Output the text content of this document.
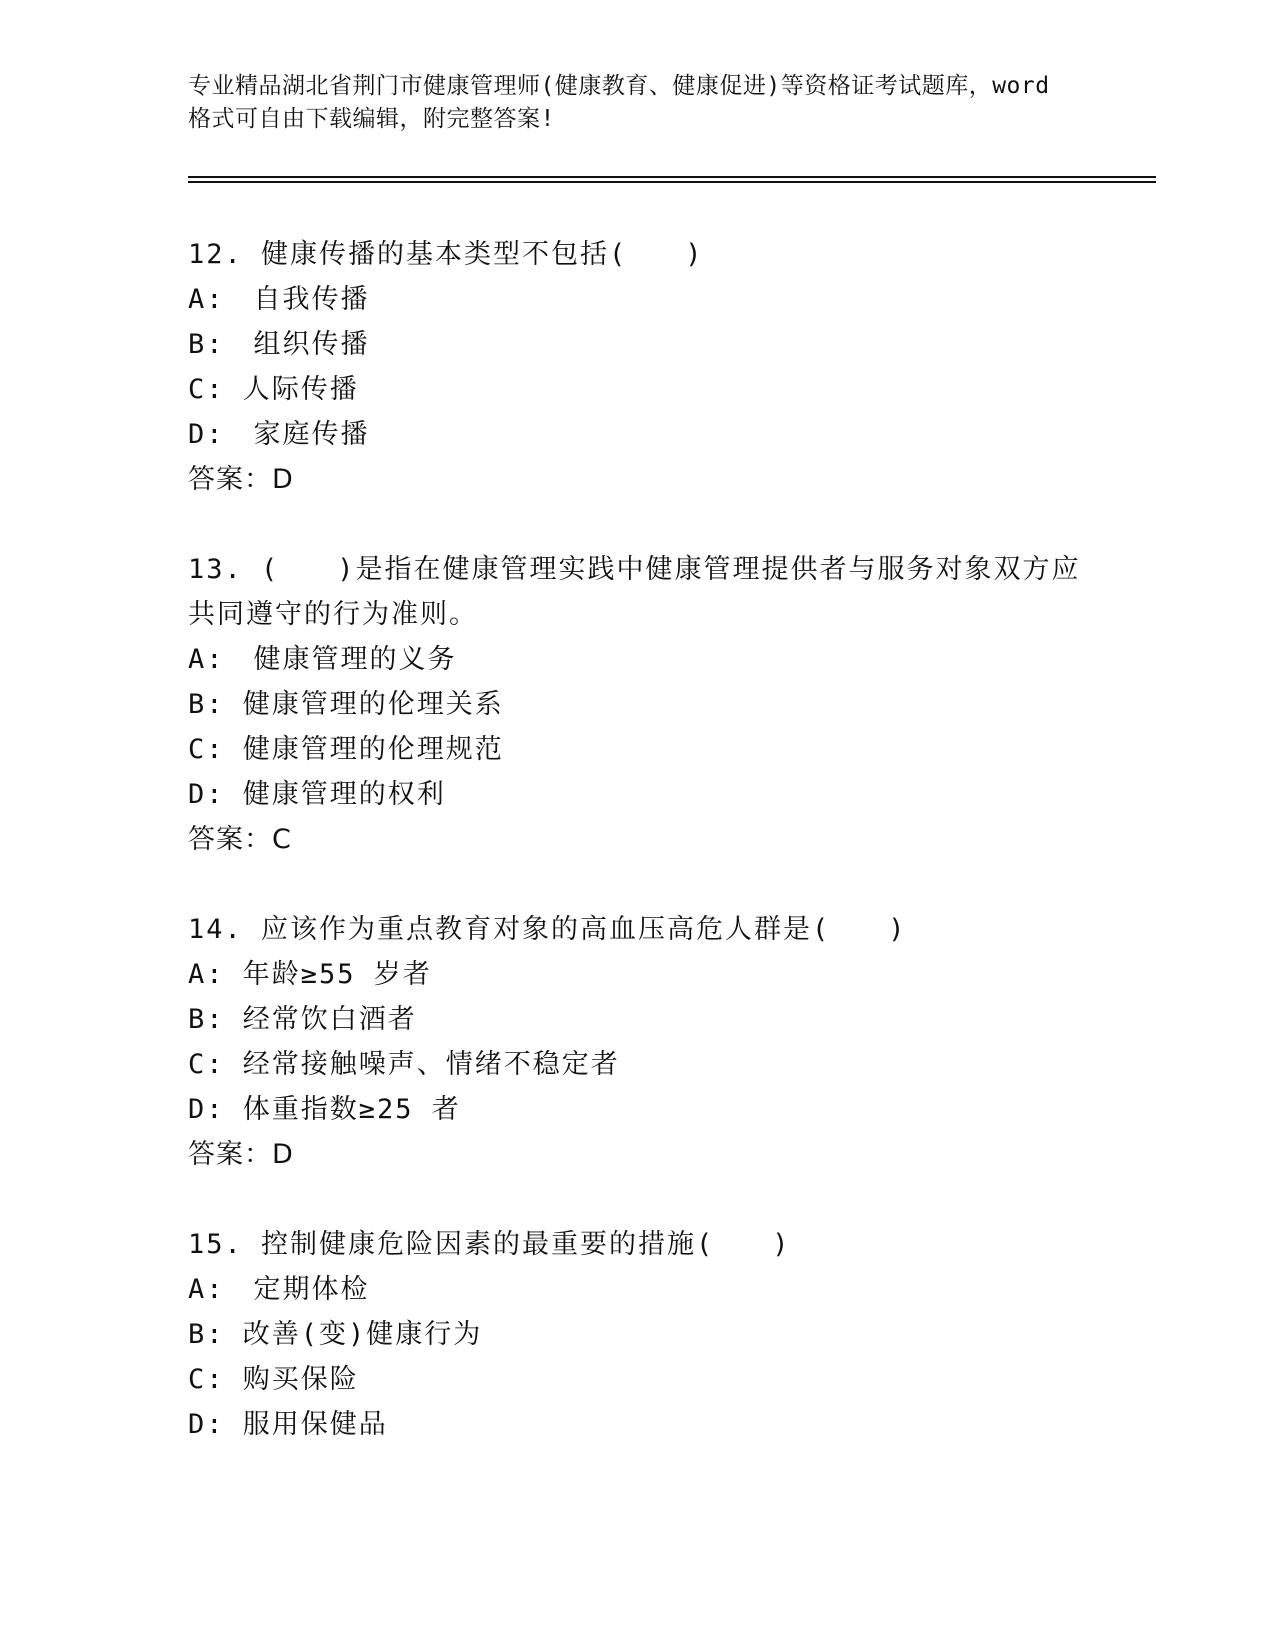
专业精品湖北省荆门市健康管理师(健康教育、健康促进)等资格证考试题库，word
格式可自由下载编辑，附完整答案!
12. 健康传播的基本类型不包括(　　)
A:　自我传播
B:　组织传播
C: 人际传播
D:　家庭传播
答案：D
13. (　　)是指在健康管理实践中健康管理提供者与服务对象双方应
共同遵守的行为准则。
A:　健康管理的义务
B: 健康管理的伦理关系
C: 健康管理的伦理规范
D: 健康管理的权利
答案：C
14. 应该作为重点教育对象的高血压高危人群是(　　)
A: 年龄≥55 岁者
B: 经常饮白酒者
C: 经常接触噪声、情绪不稳定者
D: 体重指数≥25 者
答案：D
15. 控制健康危险因素的最重要的措施(　　)
A:　定期体检
B: 改善(变)健康行为
C: 购买保险
D: 服用保健品
